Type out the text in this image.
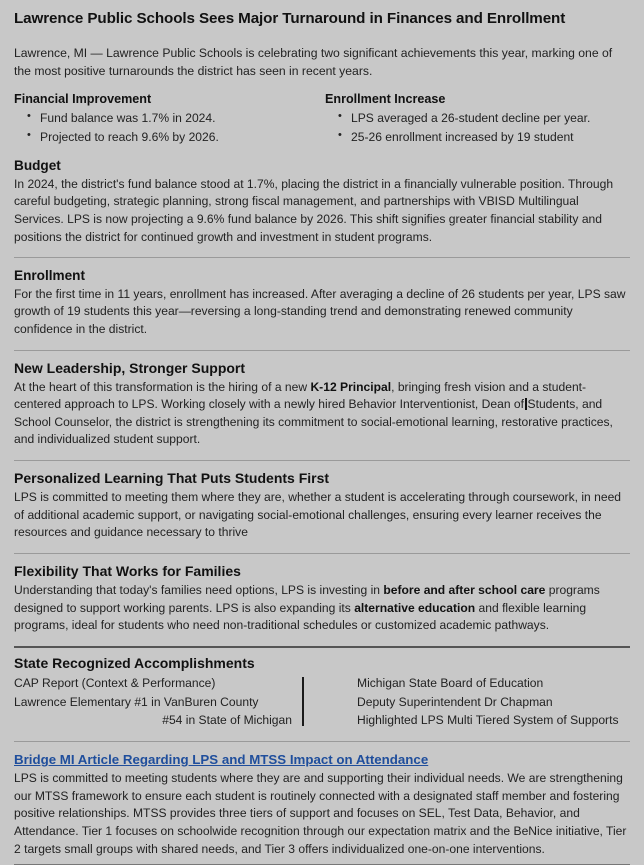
Lawrence Public Schools Sees Major Turnaround in Finances and Enrollment

Lawrence, MI — Lawrence Public Schools is celebrating two significant achievements this year, marking one of the most positive turnarounds the district has seen in recent years.

Financial Improvement
• Fund balance was 1.7% in 2024.
• Projected to reach 9.6% by 2026.
Enrollment Increase
• LPS averaged a 26-student decline per year.
• 25-26 enrollment increased by 19 student
Budget

In 2024, the district's fund balance stood at 1.7%, placing the district in a financially vulnerable position. Through careful budgeting, strategic planning, strong fiscal management, and partnerships with VBISD Multilingual Services. LPS is now projecting a 9.6% fund balance by 2026. This shift signifies greater financial stability and positions the district for continued growth and investment in student programs.

Enrollment

For the first time in 11 years, enrollment has increased. After averaging a decline of 26 students per year, LPS saw growth of 19 students this year—reversing a long-standing trend and demonstrating renewed community confidence in the district.

New Leadership, Stronger Support

At the heart of this transformation is the hiring of a new K-12 Principal, bringing fresh vision and a student-centered approach to LPS. Working closely with a newly hired Behavior Interventionist, Dean of Students, and School Counselor, the district is strengthening its commitment to social-emotional learning, restorative practices, and individualized student support.

Personalized Learning That Puts Students First

LPS is committed to meeting them where they are, whether a student is accelerating through coursework, in need of additional academic support, or navigating social-emotional challenges, ensuring every learner receives the resources and guidance necessary to thrive

Flexibility That Works for Families

Understanding that today's families need options, LPS is investing in before and after school care programs designed to support working parents. LPS is also expanding its alternative education and flexible learning programs, ideal for students who need non-traditional schedules or customized academic pathways.

State Recognized Accomplishments
CAP Report (Context & Performance)
Lawrence Elementary #1 in VanBuren County
#54 in State of Michigan
Michigan State Board of Education
Deputy Superintendent Dr Chapman
Highlighted LPS Multi Tiered System of Supports
Bridge MI Article Regarding LPS and MTSS Impact on Attendance

LPS is committed to meeting students where they are and supporting their individual needs. We are strengthening our MTSS framework to ensure each student is routinely connected with a designated staff member and fostering positive relationships. MTSS provides three tiers of support and focuses on SEL, Test Data, Behavior, and Attendance. Tier 1 focuses on schoolwide recognition through our expectation matrix and the BeNice initiative, Tier 2 targets small groups with shared needs, and Tier 3 offers individualized one-on-one interventions.
